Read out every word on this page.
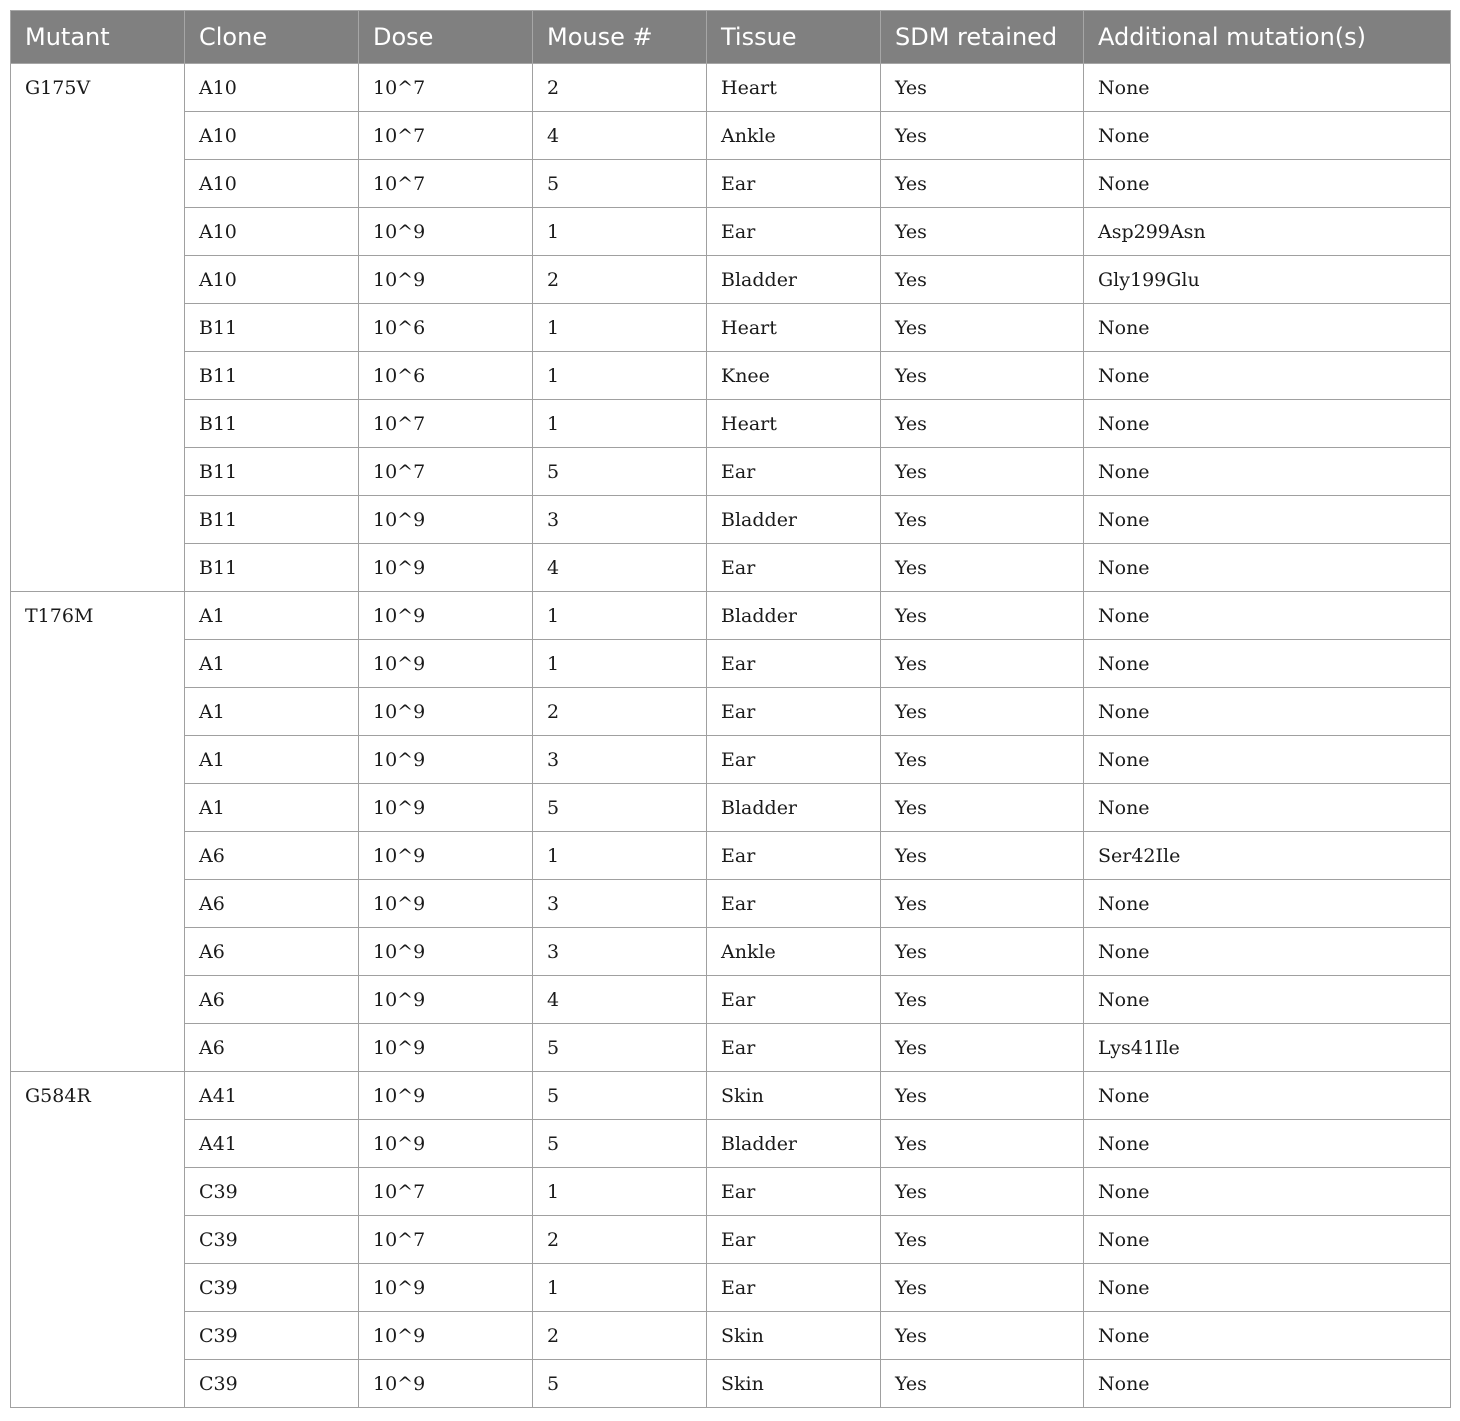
Mutant	Clone	Dose	Mouse #	Tissue	SDM retained	Additional mutation(s)
G175V	A10	10^7	2	Heart	Yes	None
	A10	10^7	4	Ankle	Yes	None
	A10	10^7	5	Ear	Yes	None
	A10	10^9	1	Ear	Yes	Asp299Asn
	A10	10^9	2	Bladder	Yes	Gly199Glu
	B11	10^6	1	Heart	Yes	None
	B11	10^6	1	Knee	Yes	None
	B11	10^7	1	Heart	Yes	None
	B11	10^7	5	Ear	Yes	None
	B11	10^9	3	Bladder	Yes	None
	B11	10^9	4	Ear	Yes	None
T176M	A1	10^9	1	Bladder	Yes	None
	A1	10^9	1	Ear	Yes	None
	A1	10^9	2	Ear	Yes	None
	A1	10^9	3	Ear	Yes	None
	A1	10^9	5	Bladder	Yes	None
	A6	10^9	1	Ear	Yes	Ser42Ile
	A6	10^9	3	Ear	Yes	None
	A6	10^9	3	Ankle	Yes	None
	A6	10^9	4	Ear	Yes	None
	A6	10^9	5	Ear	Yes	Lys41Ile
G584R	A41	10^9	5	Skin	Yes	None
	A41	10^9	5	Bladder	Yes	None
	C39	10^7	1	Ear	Yes	None
	C39	10^7	2	Ear	Yes	None
	C39	10^9	1	Ear	Yes	None
	C39	10^9	2	Skin	Yes	None
	C39	10^9	5	Skin	Yes	None
